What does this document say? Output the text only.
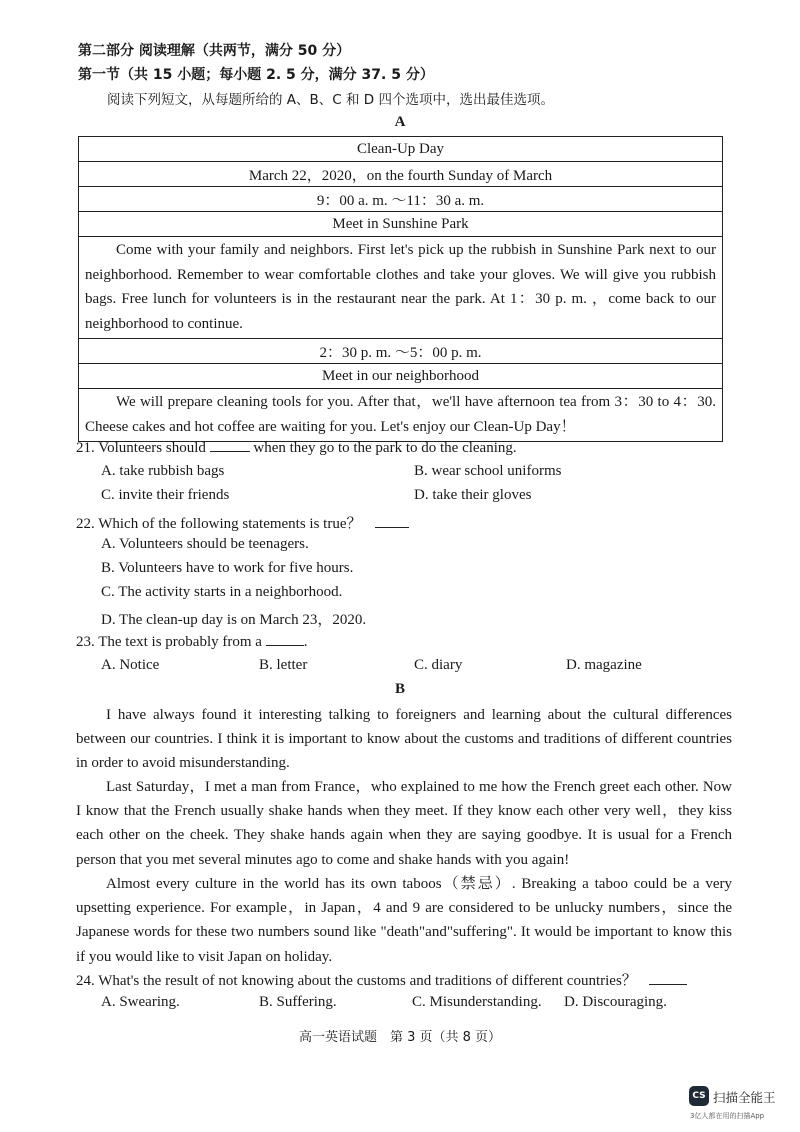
第二部分 阅读理解（共两节，满分 50 分）
第一节（共 15 小题；每小题 2. 5 分，满分 37. 5 分）
阅读下列短文，从每题所给的 A、B、C 和 D 四个选项中，选出最佳选项。
A
Clean-Up Day
March 22，2020，on the fourth Sunday of March
9：00 a. m. ～11：30 a. m.
Meet in Sunshine Park
Come with your family and neighbors. First let's pick up the rubbish in Sunshine Park next to our neighborhood. Remember to wear comfortable clothes and take your gloves. We will give you rubbish bags. Free lunch for volunteers is in the restaurant near the park. At 1：30 p. m. ，come back to our neighborhood to continue.
2：30 p. m. ～5：00 p. m.
Meet in our neighborhood
We will prepare cleaning tools for you. After that，we'll have afternoon tea from 3：30 to 4：30. Cheese cakes and hot coffee are waiting for you. Let's enjoy our Clean-Up Day！
21. Volunteers should	when they go to the park to do the cleaning.
A. take rubbish bags	B. wear school uniforms
C. invite their friends	D. take their gloves
22. Which of the following statements is true？
A. Volunteers should be teenagers.
B. Volunteers have to work for five hours.
C. The activity starts in a neighborhood.
D. The clean-up day is on March 23，2020.
23. The text is probably from a	.
A. Notice	B. letter	C. diary	D. magazine
B
I have always found it interesting talking to foreigners and learning about the cultural differences between our countries. I think it is important to know about the customs and traditions of different countries in order to avoid misunderstanding.
Last Saturday，I met a man from France，who explained to me how the French greet each other. Now I know that the French usually shake hands when they meet. If they know each other very well，they kiss each other on the cheek. They shake hands again when they are saying goodbye. It is usual for a French person that you met several minutes ago to come and shake hands with you again!
Almost every culture in the world has its own taboos（禁忌）. Breaking a taboo could be a very upsetting experience. For example，in Japan，4 and 9 are considered to be unlucky numbers，since the Japanese words for these two numbers sound like "death"and"suffering". It would be important to know this if you would like to visit Japan on holiday.
24. What's the result of not knowing about the customs and traditions of different countries？
A. Swearing.	B. Suffering.	C. Misunderstanding. D. Discouraging.
高一英语试题　第 3 页（共 8 页）
CS 扫描全能王
3亿人都在用的扫描App
